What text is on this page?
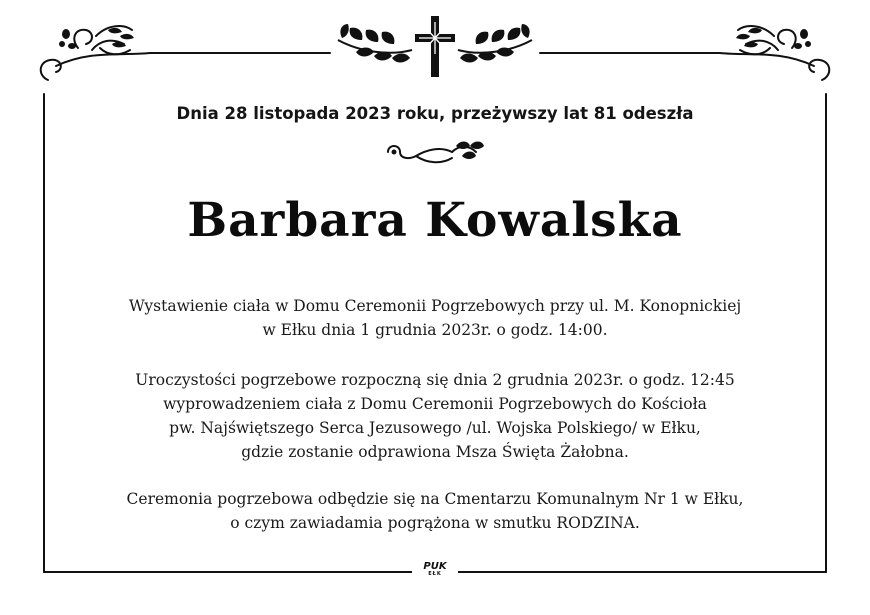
Dnia 28 listopada 2023 roku, przeżywszy lat 81 odeszła
Barbara Kowalska
Wystawienie ciała w Domu Ceremonii Pogrzebowych przy ul. M. Konopnickiej
w Ełku dnia 1 grudnia 2023r. o godz. 14:00.
Uroczystości pogrzebowe rozpoczną się dnia 2 grudnia 2023r. o godz. 12:45
wyprowadzeniem ciała z Domu Ceremonii Pogrzebowych do Kościoła
pw. Najświętszego Serca Jezusowego /ul. Wojska Polskiego/ w Ełku,
gdzie zostanie odprawiona Msza Święta Żałobna.
Ceremonia pogrzebowa odbędzie się na Cmentarzu Komunalnym Nr 1 w Ełku,
o czym zawiadamia pogrążona w smutku RODZINA.
PUK
EŁK
